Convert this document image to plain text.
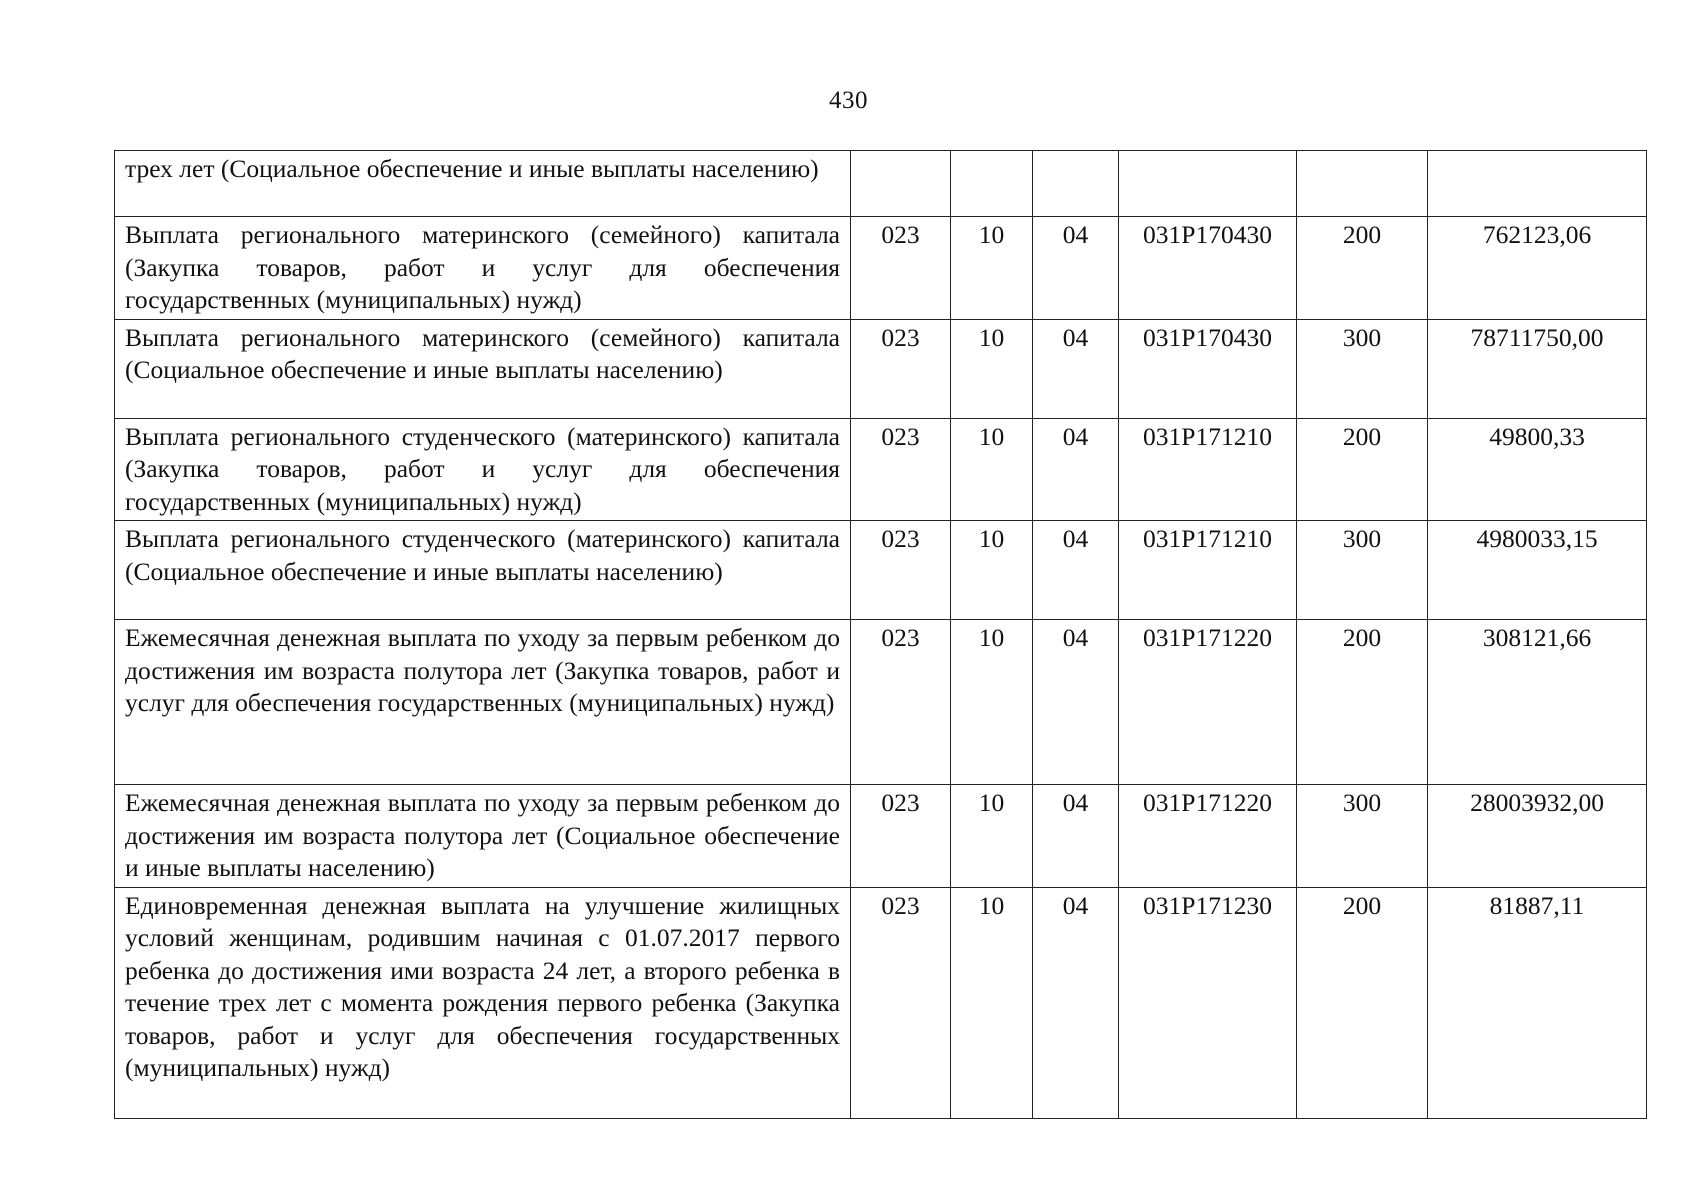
430
трех лет (Социальное обеспечение и иные выплаты населению)						
Выплата регионального материнского (семейного) капитала (Закупка товаров, работ и услуг для обеспечения государственных (муниципальных) нужд)	023	10	04	031Р170430	200	762123,06
Выплата регионального материнского (семейного) капитала (Социальное обеспечение и иные выплаты населению)	023	10	04	031Р170430	300	78711750,00
Выплата регионального студенческого (материнского) капитала (Закупка товаров, работ и услуг для обеспечения государственных (муниципальных) нужд)	023	10	04	031Р171210	200	49800,33
Выплата регионального студенческого (материнского) капитала (Социальное обеспечение и иные выплаты населению)	023	10	04	031Р171210	300	4980033,15
Ежемесячная денежная выплата по уходу за первым ребенком до достижения им возраста полутора лет (Закупка товаров, работ и услуг для обеспечения государственных (муниципальных) нужд)	023	10	04	031Р171220	200	308121,66
Ежемесячная денежная выплата по уходу за первым ребенком до достижения им возраста полутора лет (Социальное обеспечение и иные выплаты населению)	023	10	04	031Р171220	300	28003932,00
Единовременная денежная выплата на улучшение жилищных условий женщинам, родившим начиная с 01.07.2017 первого ребенка до достижения ими возраста 24 лет, а второго ребенка в течение трех лет с момента рождения первого ребенка (Закупка товаров, работ и услуг для обеспечения государственных (муниципальных) нужд)	023	10	04	031Р171230	200	81887,11
